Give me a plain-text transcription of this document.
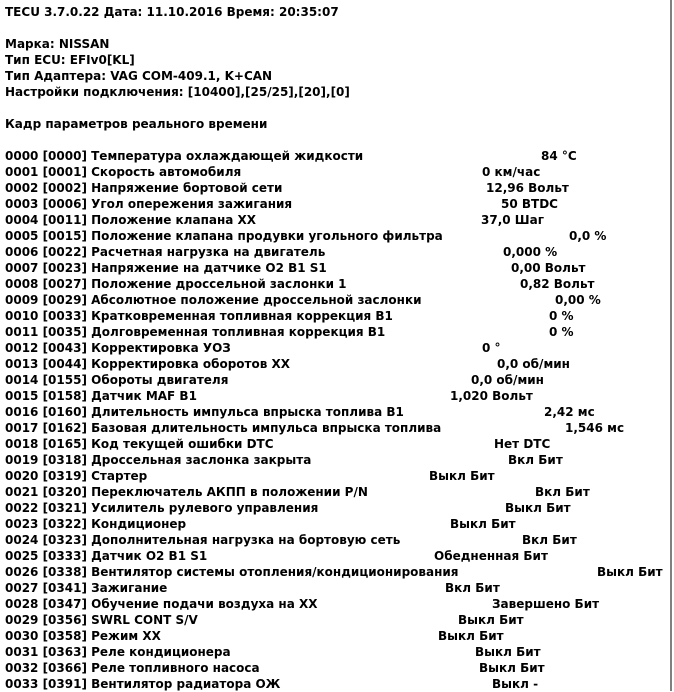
TECU 3.7.0.22 Дата: 11.10.2016 Время: 20:35:07
Марка: NISSAN
Тип ECU: EFIv0[KL]
Тип Адаптера: VAG COM-409.1, K+CAN
Настройки подключения: [10400],[25/25],[20],[0]
Кадр параметров реального времени
0000 [0000] Температура охлаждающей жидкости	84 °C
0001 [0001] Скорость автомобиля	0 км/час
0002 [0002] Напряжение бортовой сети	12,96 Вольт
0003 [0006] Угол опережения зажигания	50 BTDC
0004 [0011] Положение клапана ХХ	37,0 Шаг
0005 [0015] Положение клапана продувки угольного фильтра	0,0 %
0006 [0022] Расчетная нагрузка на двигатель	0,000 %
0007 [0023] Напряжение на датчике O2 B1 S1	0,00 Вольт
0008 [0027] Положение дроссельной заслонки 1	0,82 Вольт
0009 [0029] Абсолютное положение дроссельной заслонки	0,00 %
0010 [0033] Кратковременная топливная коррекция B1	0 %
0011 [0035] Долговременная топливная коррекция B1	0 %
0012 [0043] Корректировка УОЗ	0 °
0013 [0044] Корректировка оборотов ХХ	0,0 об/мин
0014 [0155] Обороты двигателя	0,0 об/мин
0015 [0158] Датчик MAF B1	1,020 Вольт
0016 [0160] Длительность импульса впрыска топлива B1	2,42 мс
0017 [0162] Базовая длительность импульса впрыска топлива	1,546 мс
0018 [0165] Код текущей ошибки DTC	Нет DTC
0019 [0318] Дроссельная заслонка закрыта	Вкл Бит
0020 [0319] Стартер	Выкл Бит
0021 [0320] Переключатель АКПП в положении P/N	Вкл Бит
0022 [0321] Усилитель рулевого управления	Выкл Бит
0023 [0322] Кондиционер	Выкл Бит
0024 [0323] Дополнительная нагрузка на бортовую сеть	Вкл Бит
0025 [0333] Датчик O2 B1 S1	Обедненная Бит
0026 [0338] Вентилятор системы отопления/кондиционирования	Выкл Бит
0027 [0341] Зажигание	Вкл Бит
0028 [0347] Обучение подачи воздуха на ХХ	Завершено Бит
0029 [0356] SWRL CONT S/V	Выкл Бит
0030 [0358] Режим ХХ	Выкл Бит
0031 [0363] Реле кондиционера	Выкл Бит
0032 [0366] Реле топливного насоса	Выкл Бит
0033 [0391] Вентилятор радиатора ОЖ	Выкл -
